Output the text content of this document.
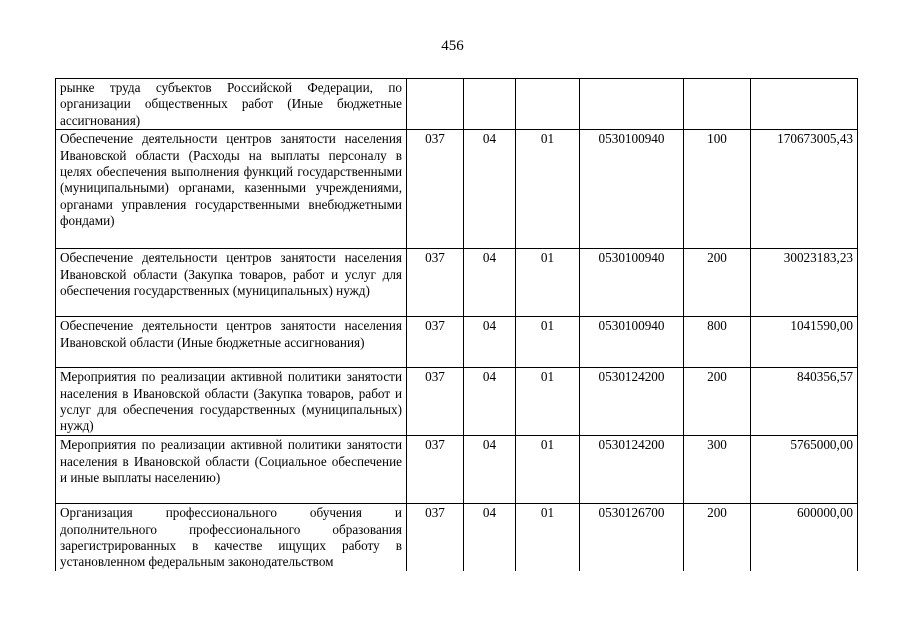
456
рынке труда субъектов Российской Федерации, по организации общественных работ (Иные бюджетные ассигнования)						
Обеспечение деятельности центров занятости населения Ивановской области (Расходы на выплаты персоналу в целях обеспечения выполнения функций государственными (муниципальными) органами, казенными учреждениями, органами управления государственными внебюджетными фондами)	037	04	01	0530100940	100	170673005,43
Обеспечение деятельности центров занятости населения Ивановской области (Закупка товаров, работ и услуг для обеспечения государственных (муниципальных) нужд)	037	04	01	0530100940	200	30023183,23
Обеспечение деятельности центров занятости населения Ивановской области (Иные бюджетные ассигнования)	037	04	01	0530100940	800	1041590,00
Мероприятия по реализации активной политики занятости населения в Ивановской области (Закупка товаров, работ и услуг для обеспечения государственных (муниципальных) нужд)	037	04	01	0530124200	200	840356,57
Мероприятия по реализации активной политики занятости населения в Ивановской области (Социальное обеспечение и иные выплаты населению)	037	04	01	0530124200	300	5765000,00
Организация профессионального обучения и дополнительного профессионального образования зарегистрированных в качестве ищущих работу в установленном федеральным законодательством	037	04	01	0530126700	200	600000,00
